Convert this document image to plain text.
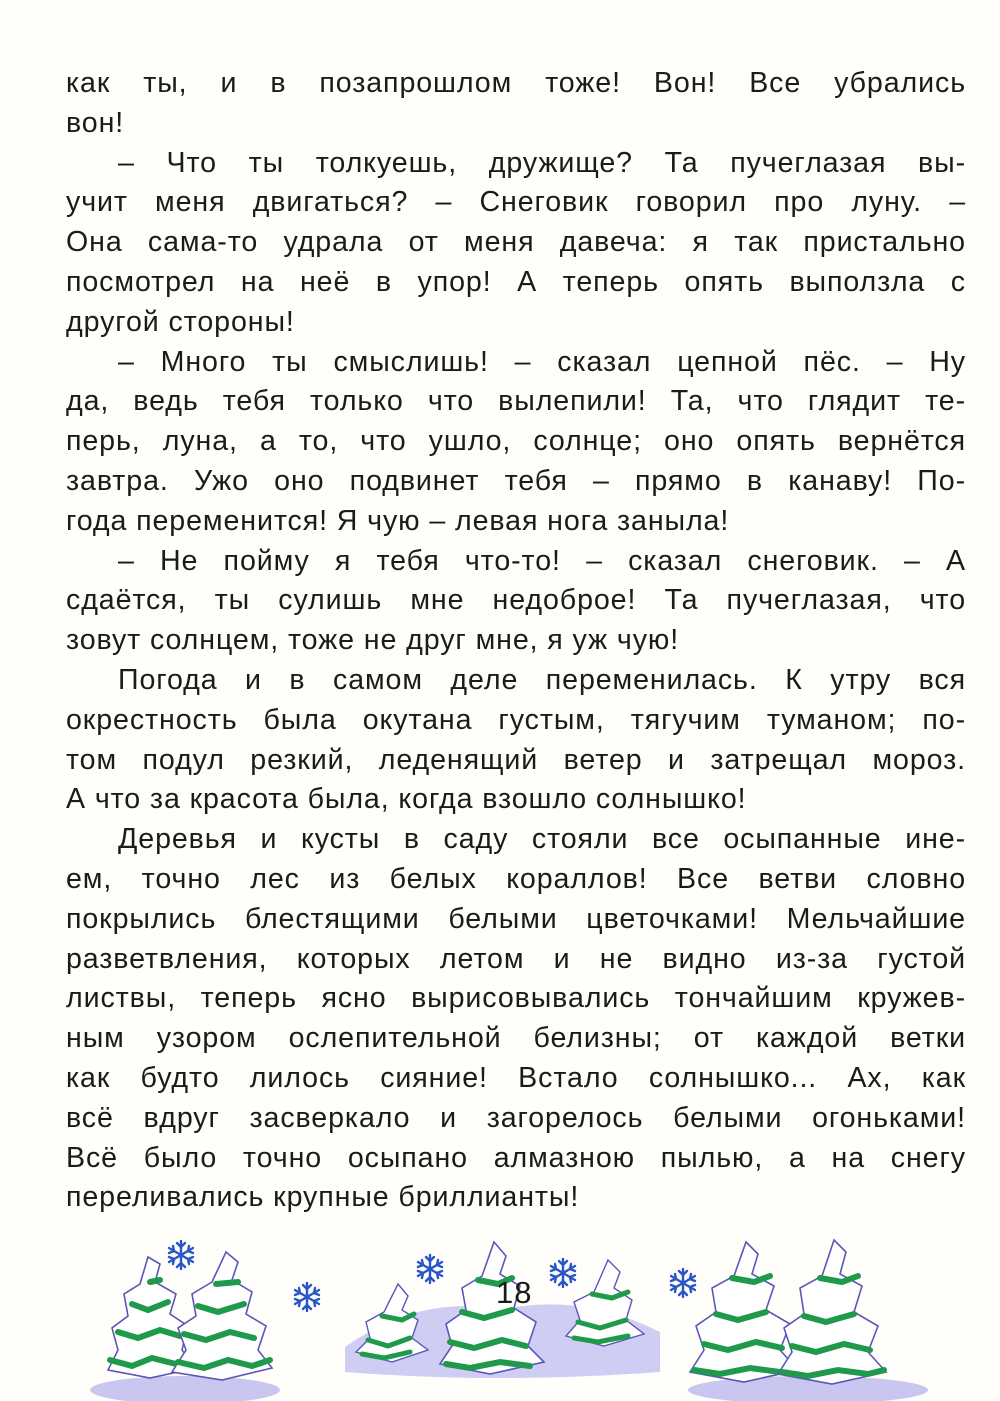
как ты, и в позапрошлом тоже! Вон! Все убрались
вон!
– Что ты толкуешь, дружище? Та пучеглазая вы-
учит меня двигаться? – Снеговик говорил про луну. –
Она сама-то удрала от меня давеча: я так пристально
посмотрел на неё в упор! А теперь опять выползла с
другой стороны!
– Много ты смыслишь! – сказал цепной пёс. – Ну
да, ведь тебя только что вылепили! Та, что глядит те-
перь, луна, а то, что ушло, солнце; оно опять вернётся
завтра. Ужо оно подвинет тебя – прямо в канаву! По-
года переменится! Я чую – левая нога заныла!
– Не пойму я тебя что-то! – сказал снеговик. – А
сдаётся, ты сулишь мне недоброе! Та пучеглазая, что
зовут солнцем, тоже не друг мне, я уж чую!
Погода и в самом деле переменилась. К утру вся
окрестность была окутана густым, тягучим туманом; по-
том подул резкий, леденящий ветер и затрещал мороз.
А что за красота была, когда взошло солнышко!
Деревья и кусты в саду стояли все осыпанные ине-
ем, точно лес из белых кораллов! Все ветви словно
покрылись блестящими белыми цветочками! Мельчайшие
разветвления, которых летом и не видно из-за густой
листвы, теперь ясно вырисовывались тончайшим кружев-
ным узором ослепительной белизны; от каждой ветки
как будто лилось сияние! Встало солнышко... Ах, как
всё вдруг засверкало и загорелось белыми огоньками!
Всё было точно осыпано алмазною пылью, а на снегу
переливались крупные бриллианты!
18
